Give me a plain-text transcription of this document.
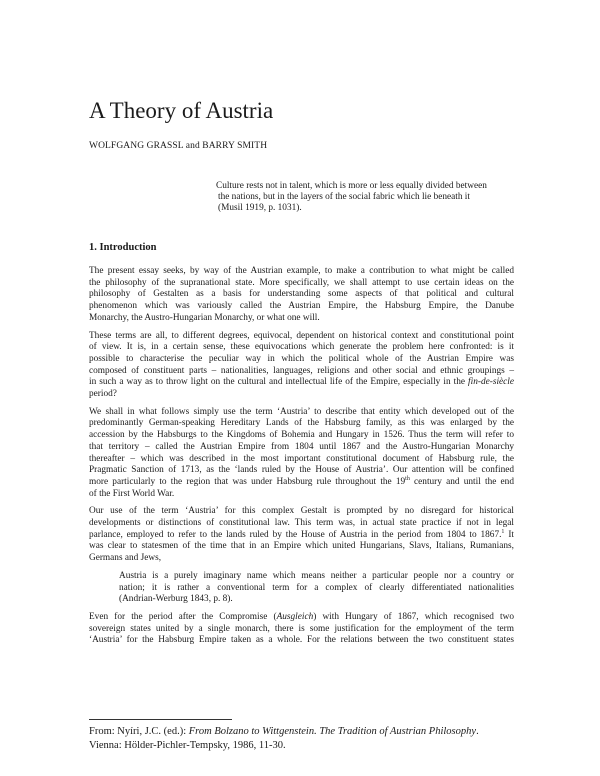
A Theory of Austria
WOLFGANG GRASSL and BARRY SMITH

Culture rests not in talent, which is more or less equally divided between

the nations, but in the layers of the social fabric which lie beneath it

(Musil 1919, p. 1031).

1. Introduction

The present essay seeks, by way of the Austrian example, to make a contribution to what might be called
the philosophy of the supranational state. More specifically, we shall attempt to use certain ideas on the
philosophy of Gestalten as a basis for understanding some aspects of that political and cultural
phenomenon which was variously called the Austrian Empire, the Habsburg Empire, the Danube
Monarchy, the Austro-Hungarian Monarchy, or what one will.

These terms are all, to different degrees, equivocal, dependent on historical context and constitutional point
of view. It is, in a certain sense, these equivocations which generate the problem here confronted: is it
possible to characterise the peculiar way in which the political whole of the Austrian Empire was
composed of constituent parts – nationalities, languages, religions and other social and ethnic groupings –
in such a way as to throw light on the cultural and intellectual life of the Empire, especially in the fin-de-siècle
period?

We shall in what follows simply use the term ‘Austria’ to describe that entity which developed out of the
predominantly German-speaking Hereditary Lands of the Habsburg family, as this was enlarged by the
accession by the Habsburgs to the Kingdoms of Bohemia and Hungary in 1526. Thus the term will refer to
that territory – called the Austrian Empire from 1804 until 1867 and the Austro-Hungarian Monarchy
thereafter – which was described in the most important constitutional document of Habsburg rule, the
Pragmatic Sanction of 1713, as the ‘lands ruled by the House of Austria’. Our attention will be confined
more particularly to the region that was under Habsburg rule throughout the 19th century and until the end
of the First World War.

Our use of the term ‘Austria’ for this complex Gestalt is prompted by no disregard for historical
developments or distinctions of constitutional law. This term was, in actual state practice if not in legal
parlance, employed to refer to the lands ruled by the House of Austria in the period from 1804 to 1867.$^1$ It
was clear to statesmen of the time that in an Empire which united Hungarians, Slavs, Italians, Rumanians,
Germans and Jews,

Austria is a purely imaginary name which means neither a particular people nor a country or
nation; it is rather a conventional term for a complex of clearly differentiated nationalities
(Andrian-Werburg 1843, p. 8).

Even for the period after the Compromise (Ausgleich) with Hungary of 1867, which recognised two
sovereign states united by a single monarch, there is some justification for the employment of the term
‘Austria’ for the Habsburg Empire taken as a whole. For the relations between the two constituent states

From: Nyíri, J.C. (ed.): From Bolzano to Wittgenstein. The Tradition of Austrian Philosophy.
Vienna: Hölder-Pichler-Tempsky, 1986, 11-30.
